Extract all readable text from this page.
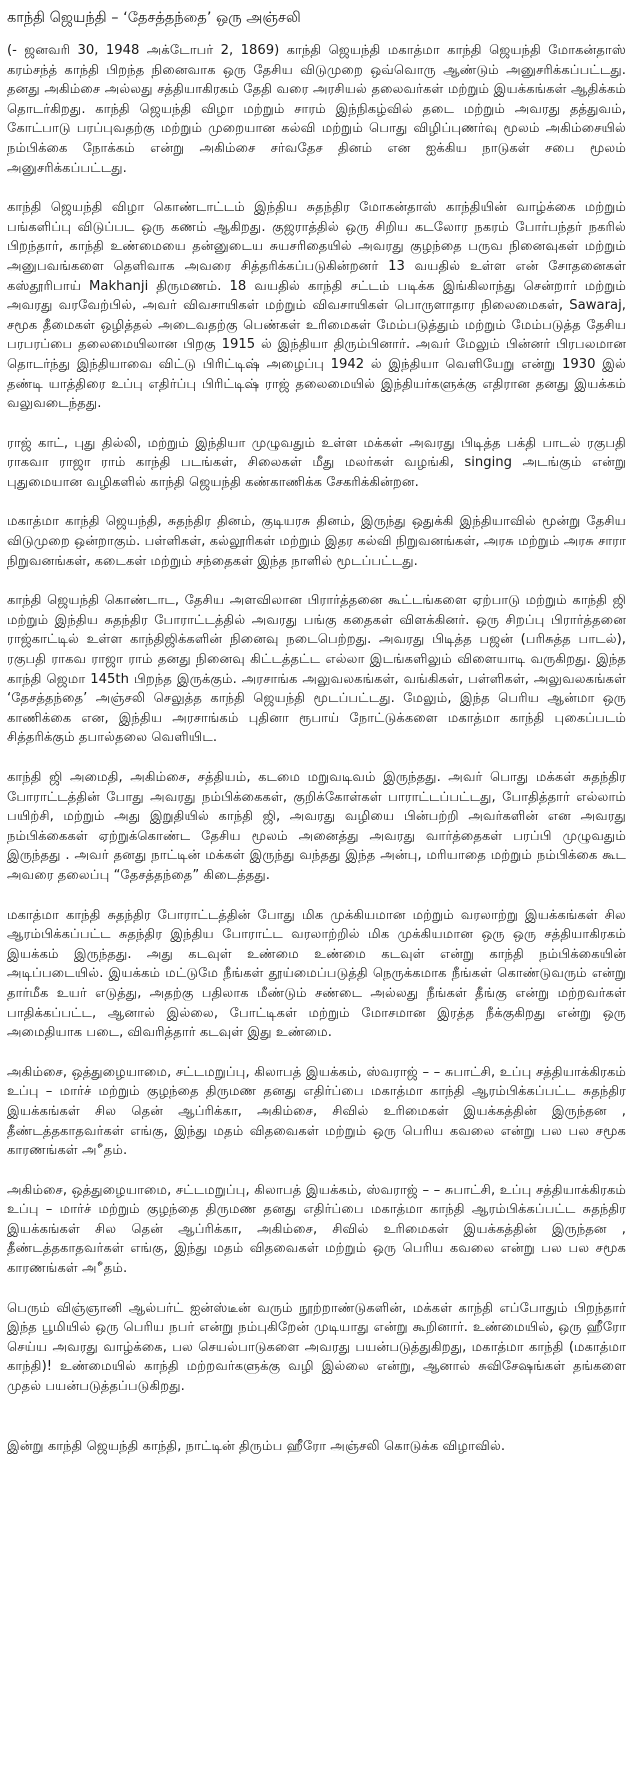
காந்தி ஜெயந்தி – ‘தேசத்தந்தை’ ஒரு அஞ்சலி

(- ஜனவரி 30, 1948 அக்டோபர் 2, 1869) காந்தி ஜெயந்தி மகாத்மா காந்தி ஜெயந்தி மோகன்தாஸ் கரம்சந்த் காந்தி பிறந்த நினைவாக ஒரு தேசிய விடுமுறை ஒவ்வொரு ஆண்டும் அனுசரிக்கப்பட்டது. தனது அகிம்சை அல்லது சத்தியாகிரகம் தேதி வரை அரசியல் தலைவர்கள் மற்றும் இயக்கங்கள் ஆதிக்கம் தொடர்கிறது. காந்தி ஜெயந்தி விழா மற்றும் சாரம் இந்நிகழ்வில் தடை மற்றும் அவரது தத்துவம், கோட்பாடு பரப்புவதற்கு மற்றும் முறையான கல்வி மற்றும் பொது விழிப்புணர்வு மூலம் அகிம்சையில் நம்பிக்கை நோக்கம் என்று அகிம்சை சர்வதேச தினம் என ஐக்கிய நாடுகள் சபை மூலம் அனுசரிக்கப்பட்டது.

காந்தி ஜெயந்தி விழா கொண்டாட்டம் இந்திய சுதந்திர மோகன்தாஸ் காந்தியின் வாழ்க்கை மற்றும் பங்களிப்பு விடுப்பட ஒரு கணம் ஆகிறது. குஜராத்தில் ஒரு சிறிய கடலோர நகரம் போர்பந்தர் நகரில் பிறந்தார், காந்தி உண்மையை தன்னுடைய சுயசரிதையில் அவரது குழந்தை பருவ நினைவுகள் மற்றும் அனுபவங்களை தெளிவாக அவரை சித்தரிக்கப்படுகின்றனர் 13 வயதில் உள்ள என் சோதனைகள் கஸ்தூரிபாய் Makhanji திருமணம். 18 வயதில் காந்தி சட்டம் படிக்க இங்கிலாந்து சென்றார் மற்றும் அவரது வரவேற்பில், அவர் விவசாயிகள் மற்றும் விவசாயிகள் பொருளாதார நிலைமைகள், Sawaraj, சமூக தீமைகள் ஒழித்தல் அடைவதற்கு பெண்கள் உரிமைகள் மேம்படுத்தும் மற்றும் மேம்படுத்த தேசிய பரபரப்பை தலைமையிலான பிறகு 1915 ல் இந்தியா திரும்பினார். அவர் மேலும் பின்னர் பிரபலமான தொடர்ந்து இந்தியாவை விட்டு பிரிட்டிஷ் அழைப்பு 1942 ல் இந்தியா வெளியேறு என்று 1930 இல் தண்டி யாத்திரை உப்பு எதிர்ப்பு பிரிட்டிஷ் ராஜ் தலைமையில் இந்தியர்களுக்கு எதிரான தனது இயக்கம் வலுவடைந்தது.

ராஜ் காட், புது தில்லி, மற்றும் இந்தியா முழுவதும் உள்ள மக்கள் அவரது பிடித்த பக்தி பாடல் ரகுபதி ராகவா ராஜா ராம் காந்தி படங்கள், சிலைகள் மீது மலர்கள் வழங்கி, singing அடங்கும் என்று புதுமையான வழிகளில் காந்தி ஜெயந்தி கண்காணிக்க சேகரிக்கின்றன.

மகாத்மா காந்தி ஜெயந்தி, சுதந்திர தினம், குடியரசு தினம், இருந்து ஒதுக்கி இந்தியாவில் மூன்று தேசிய விடுமுறை ஒன்றாகும். பள்ளிகள், கல்லூரிகள் மற்றும் இதர கல்வி நிறுவனங்கள், அரசு மற்றும் அரசு சாரா நிறுவனங்கள், கடைகள் மற்றும் சந்தைகள் இந்த நாளில் மூடப்பட்டது.

காந்தி ஜெயந்தி கொண்டாட, தேசிய அளவிலான பிரார்த்தனை கூட்டங்களை ஏற்பாடு மற்றும் காந்தி ஜி மற்றும் இந்திய சுதந்திர போராட்டத்தில் அவரது பங்கு கதைகள் விளக்கினர். ஒரு சிறப்பு பிரார்த்தனை ராஜ்காட்டில் உள்ள காந்திஜிக்களின் நினைவு நடைபெற்றது. அவரது பிடித்த பஜன் (பரிசுத்த பாடல்), ரகுபதி ராகவ ராஜா ராம் தனது நினைவு கிட்டத்தட்ட எல்லா இடங்களிலும் விளையாடி வருகிறது. இந்த காந்தி ஜெமா 145th பிறந்த இருக்கும். அரசாங்க அலுவலகங்கள், வங்கிகள், பள்ளிகள், அலுவலகங்கள் ‘தேசத்தந்தை’ அஞ்சலி செலுத்த காந்தி ஜெயந்தி மூடப்பட்டது. மேலும், இந்த பெரிய ஆன்மா ஒரு காணிக்கை என, இந்திய அரசாங்கம் புதினா ரூபாய் நோட்டுக்களை மகாத்மா காந்தி புகைப்படம் சித்தரிக்கும் தபால்தலை வெளியிட.

காந்தி ஜி அமைதி, அகிம்சை, சத்தியம், கடமை மறுவடிவம் இருந்தது. அவர் பொது மக்கள் சுதந்திர போராட்டத்தின் போது அவரது நம்பிக்கைகள், குறிக்கோள்கள் பாராட்டப்பட்டது, போதித்தார் எல்லாம் பயிற்சி, மற்றும் அது இறுதியில் காந்தி ஜி, அவரது வழியை பின்பற்றி அவர்களின் என அவரது நம்பிக்கைகள் ஏற்றுக்கொண்ட தேசிய மூலம் அனைத்து அவரது வார்த்தைகள் பரப்பி முழுவதும் இருந்தது . அவர் தனது நாட்டின் மக்கள் இருந்து வந்தது இந்த அன்பு, மரியாதை மற்றும் நம்பிக்கை கூட அவரை தலைப்பு “தேசத்தந்தை” கிடைத்தது.

மகாத்மா காந்தி சுதந்திர போராட்டத்தின் போது மிக முக்கியமான மற்றும் வரலாற்று இயக்கங்கள் சில ஆரம்பிக்கப்பட்ட சுதந்திர இந்திய போராட்ட வரலாற்றில் மிக முக்கியமான ஒரு ஒரு சத்தியாகிரகம் இயக்கம் இருந்தது. அது கடவுள் உண்மை உண்மை கடவுள் என்று காந்தி நம்பிக்கையின் அடிப்படையில். இயக்கம் மட்டுமே நீங்கள் தூய்மைப்படுத்தி நெருக்கமாக நீங்கள் கொண்டுவரும் என்று தார்மீக உயர் எடுத்து, அதற்கு பதிலாக மீண்டும் சண்டை அல்லது நீங்கள் தீங்கு என்று மற்றவர்கள் பாதிக்கப்பட்ட, ஆனால் இல்லை, போட்டிகள் மற்றும் மோசமான இரத்த நீக்குகிறது என்று ஒரு அமைதியாக படை, விவரித்தார் கடவுள் இது உண்மை.

அகிம்சை, ஒத்துழையாமை, சட்டமறுப்பு, கிலாபத் இயக்கம், ஸ்வராஜ் – – சுபாட்சி, உப்பு சத்தியாக்கிரகம் உப்பு – மார்ச் மற்றும் குழந்தை திருமண தனது எதிர்ப்பை மகாத்மா காந்தி ஆரம்பிக்கப்பட்ட சுதந்திர இயக்கங்கள் சில தென் ஆப்ரிக்கா, அகிம்சை, சிவில் உரிமைகள் இயக்கத்தின் இருந்தன , தீண்டத்தகாதவர்கள் எங்கு, இந்து மதம் விதவைகள் மற்றும் ஒரு பெரிய கவலை என்று பல பல சமூக காரணங்கள் அீதம்.

அகிம்சை, ஒத்துழையாமை, சட்டமறுப்பு, கிலாபத் இயக்கம், ஸ்வராஜ் – – சுபாட்சி, உப்பு சத்தியாக்கிரகம் உப்பு – மார்ச் மற்றும் குழந்தை திருமண தனது எதிர்ப்பை மகாத்மா காந்தி ஆரம்பிக்கப்பட்ட சுதந்திர இயக்கங்கள் சில தென் ஆப்ரிக்கா, அகிம்சை, சிவில் உரிமைகள் இயக்கத்தின் இருந்தன , தீண்டத்தகாதவர்கள் எங்கு, இந்து மதம் விதவைகள் மற்றும் ஒரு பெரிய கவலை என்று பல பல சமூக காரணங்கள் அீதம்.

பெரும் விஞ்ஞானி ஆல்பர்ட் ஐன்ஸ்டீன் வரும் நூற்றாண்டுகளின், மக்கள் காந்தி எப்போதும் பிறந்தார் இந்த பூமியில் ஒரு பெரிய நபர் என்று நம்புகிறேன் முடியாது என்று கூறினார். உண்மையில், ஒரு ஹீரோ செய்ய அவரது வாழ்க்கை, பல செயல்பாடுகளை அவரது பயன்படுத்துகிறது, மகாத்மா காந்தி (மகாத்மா காந்தி)! உண்மையில் காந்தி மற்றவர்களுக்கு வழி இல்லை என்று, ஆனால் சுவிசேஷங்கள் தங்களை முதல் பயன்படுத்தப்படுகிறது.

இன்று காந்தி ஜெயந்தி காந்தி, நாட்டின் திரும்ப ஹீரோ அஞ்சலி கொடுக்க விழாவில்.
